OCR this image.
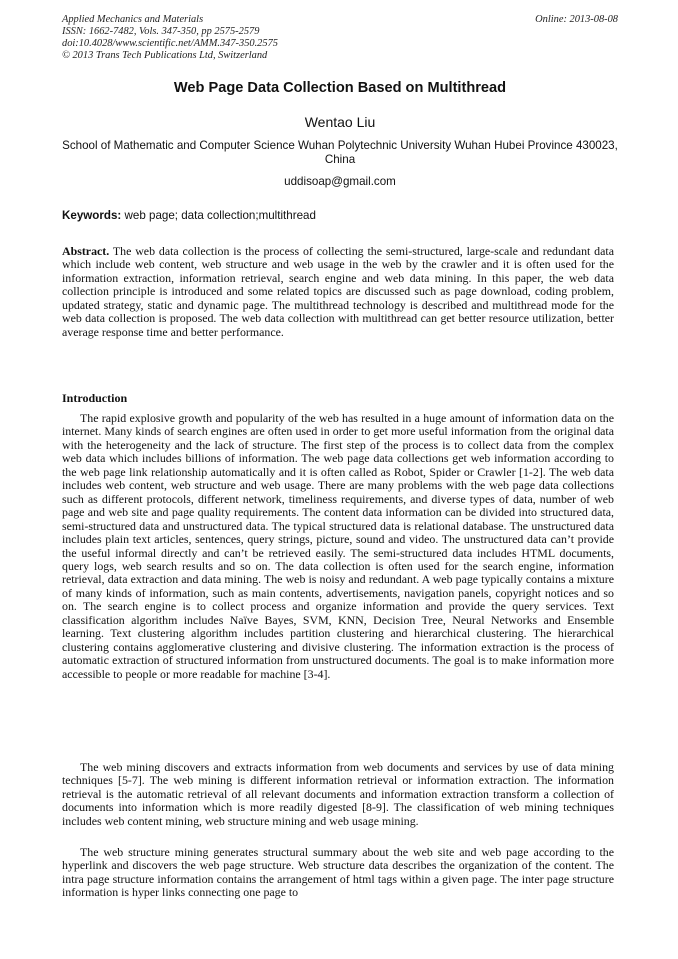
Applied Mechanics and Materials
ISSN: 1662-7482, Vols. 347-350, pp 2575-2579
doi:10.4028/www.scientific.net/AMM.347-350.2575
© 2013 Trans Tech Publications Ltd, Switzerland
Online: 2013-08-08
Web Page Data Collection Based on Multithread
Wentao Liu
School of Mathematic and Computer Science Wuhan Polytechnic University Wuhan Hubei Province 430023, China
uddisoap@gmail.com
Keywords: web page; data collection;multithread

Abstract. The web data collection is the process of collecting the semi-structured, large-scale and redundant data which include web content, web structure and web usage in the web by the crawler and it is often used for the information extraction, information retrieval, search engine and web data mining. In this paper, the web data collection principle is introduced and some related topics are discussed such as page download, coding problem, updated strategy, static and dynamic page. The multithread technology is described and multithread mode for the web data collection is proposed. The web data collection with multithread can get better resource utilization, better average response time and better performance.

Introduction

The rapid explosive growth and popularity of the web has resulted in a huge amount of information data on the internet. Many kinds of search engines are often used in order to get more useful information from the original data with the heterogeneity and the lack of structure. The first step of the process is to collect data from the complex web data which includes billions of information. The web page data collections get web information according to the web page link relationship automatically and it is often called as Robot, Spider or Crawler [1-2]. The web data includes web content, web structure and web usage. There are many problems with the web page data collections such as different protocols, different network, timeliness requirements, and diverse types of data, number of web page and web site and page quality requirements. The content data information can be divided into structured data, semi-structured data and unstructured data. The typical structured data is relational database. The unstructured data includes plain text articles, sentences, query strings, picture, sound and video. The unstructured data can’t provide the useful informal directly and can’t be retrieved easily. The semi-structured data includes HTML documents, query logs, web search results and so on. The data collection is often used for the search engine, information retrieval, data extraction and data mining. The web is noisy and redundant. A web page typically contains a mixture of many kinds of information, such as main contents, advertisements, navigation panels, copyright notices and so on. The search engine is to collect process and organize information and provide the query services. Text classification algorithm includes Naïve Bayes, SVM, KNN, Decision Tree, Neural Networks and Ensemble learning. Text clustering algorithm includes partition clustering and hierarchical clustering. The hierarchical clustering contains agglomerative clustering and divisive clustering. The information extraction is the process of automatic extraction of structured information from unstructured documents. The goal is to make information more accessible to people or more readable for machine [3-4].

The web mining discovers and extracts information from web documents and services by use of data mining techniques [5-7]. The web mining is different information retrieval or information extraction. The information retrieval is the automatic retrieval of all relevant documents and information extraction transform a collection of documents into information which is more readily digested [8-9]. The classification of web mining techniques includes web content mining, web structure mining and web usage mining.

The web structure mining generates structural summary about the web site and web page according to the hyperlink and discovers the web page structure. Web structure data describes the organization of the content. The intra page structure information contains the arrangement of html tags within a given page. The inter page structure information is hyper links connecting one page to
